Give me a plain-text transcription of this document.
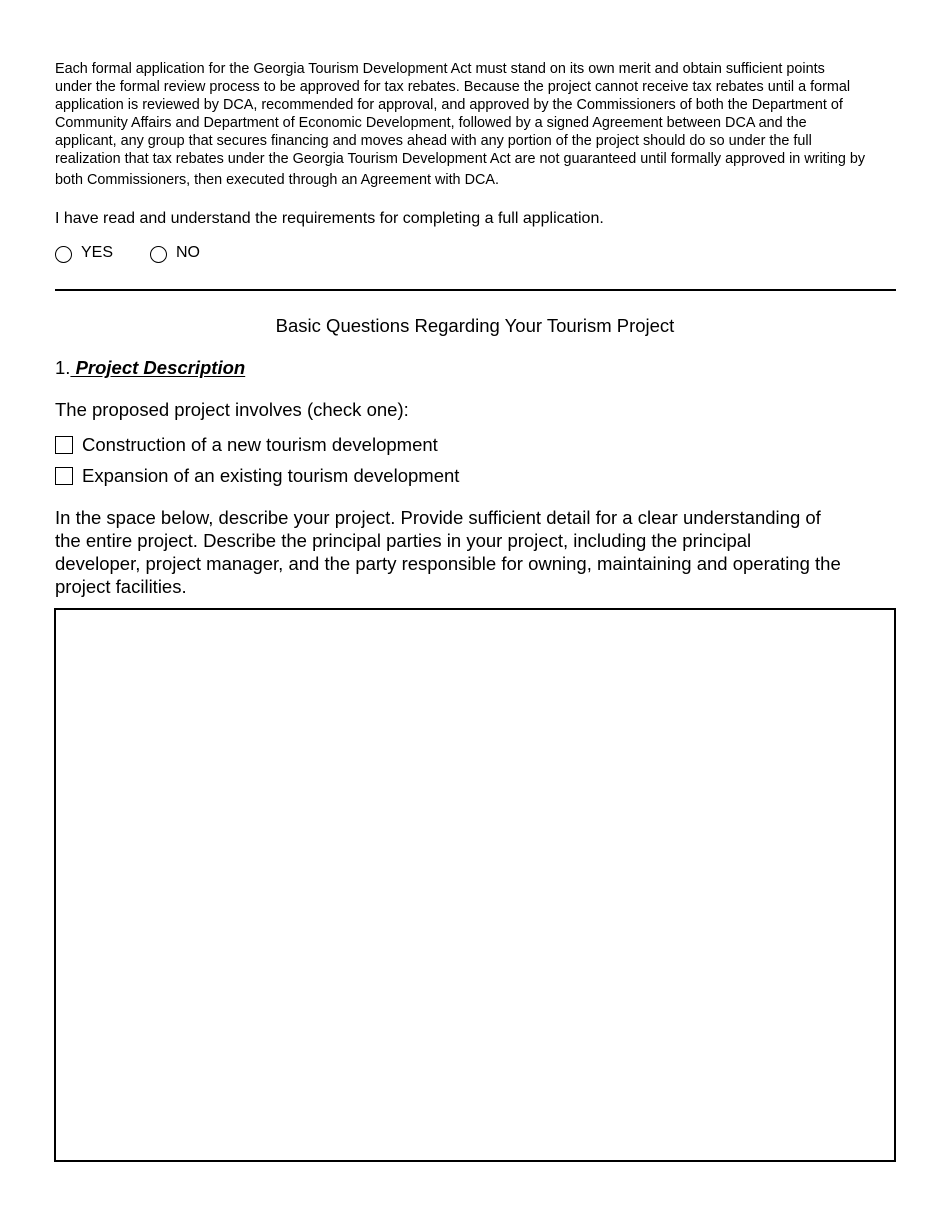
Each formal application for the Georgia Tourism Development Act must stand on its own merit and obtain sufficient points
under the formal review process to be approved for tax rebates. Because the project cannot receive tax rebates until a formal
application is reviewed by DCA, recommended for approval, and approved by the Commissioners of both the Department of
Community Affairs and Department of Economic Development, followed by a signed Agreement between DCA and the
applicant, any group that secures financing and moves ahead with any portion of the project should do so under the full
realization that tax rebates under the Georgia Tourism Development Act are not guaranteed until formally approved in writing by
both Commissioners, then executed through an Agreement with DCA.

I have read and understand the requirements for completing a full application.

YES	NO
Basic Questions Regarding Your Tourism Project
1. Project Description

The proposed project involves (check one):

Construction of a new tourism development
Expansion of an existing tourism development
In the space below, describe your project. Provide sufficient detail for a clear understanding of
the entire project. Describe the principal parties in your project, including the principal
developer, project manager, and the party responsible for owning, maintaining and operating the
project facilities.
